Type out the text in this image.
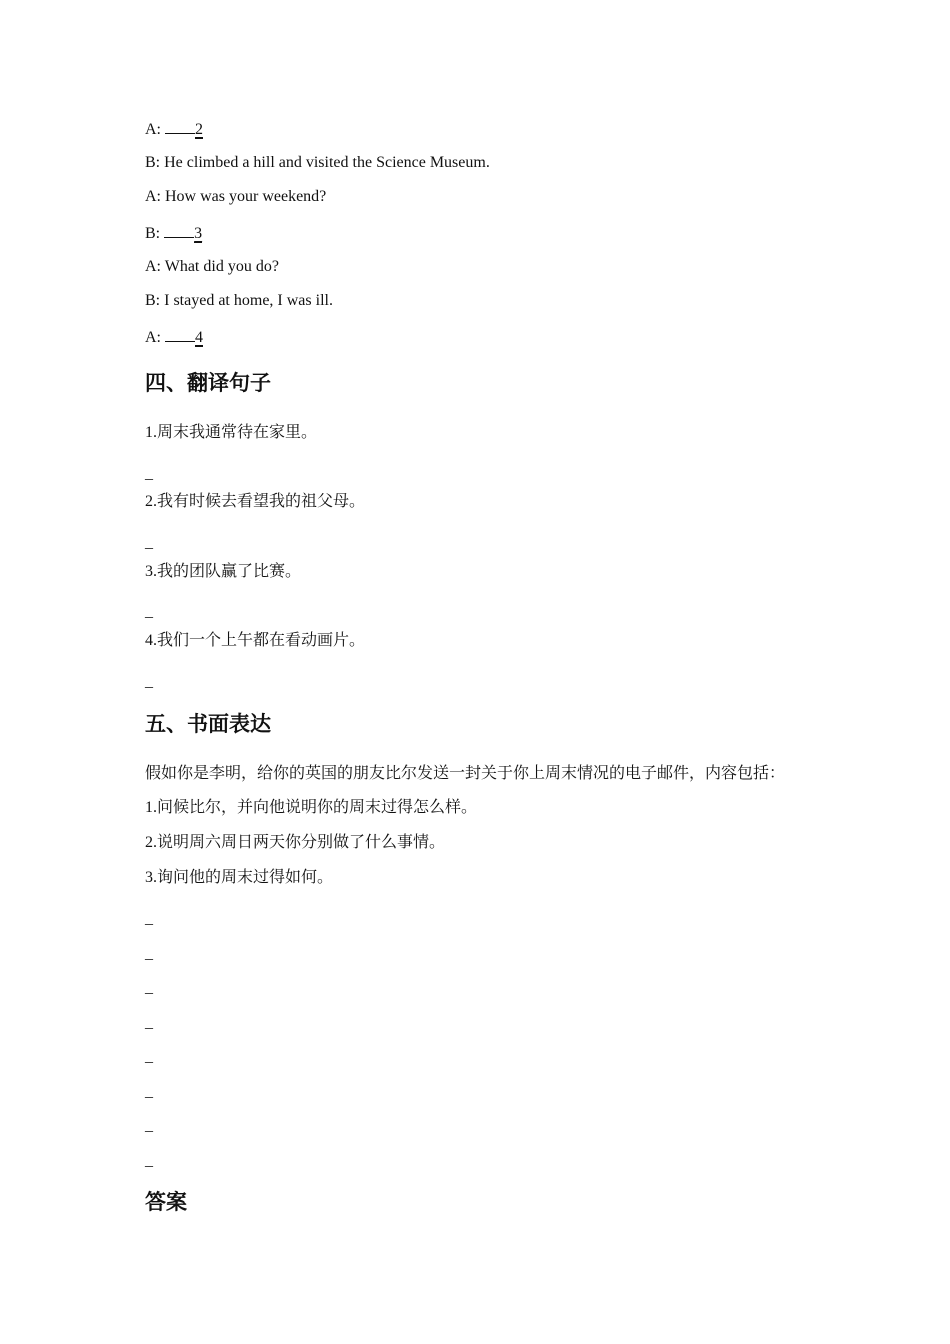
A: 2
B: He climbed a hill and visited the Science Museum.
A: How was your weekend?
B: 3
A: What did you do?
B: I stayed at home, I was ill.
A: 4
四、翻译句子
1.周末我通常待在家里。
_
2.我有时候去看望我的祖父母。
_
3.我的团队赢了比赛。
_
4.我们一个上午都在看动画片。
_
五、书面表达
假如你是李明，给你的英国的朋友比尔发送一封关于你上周末情况的电子邮件，内容包括：
1.问候比尔，并向他说明你的周末过得怎么样。
2.说明周六周日两天你分别做了什么事情。
3.询问他的周末过得如何。
_
_
_
_
_
_
_
_
答案
